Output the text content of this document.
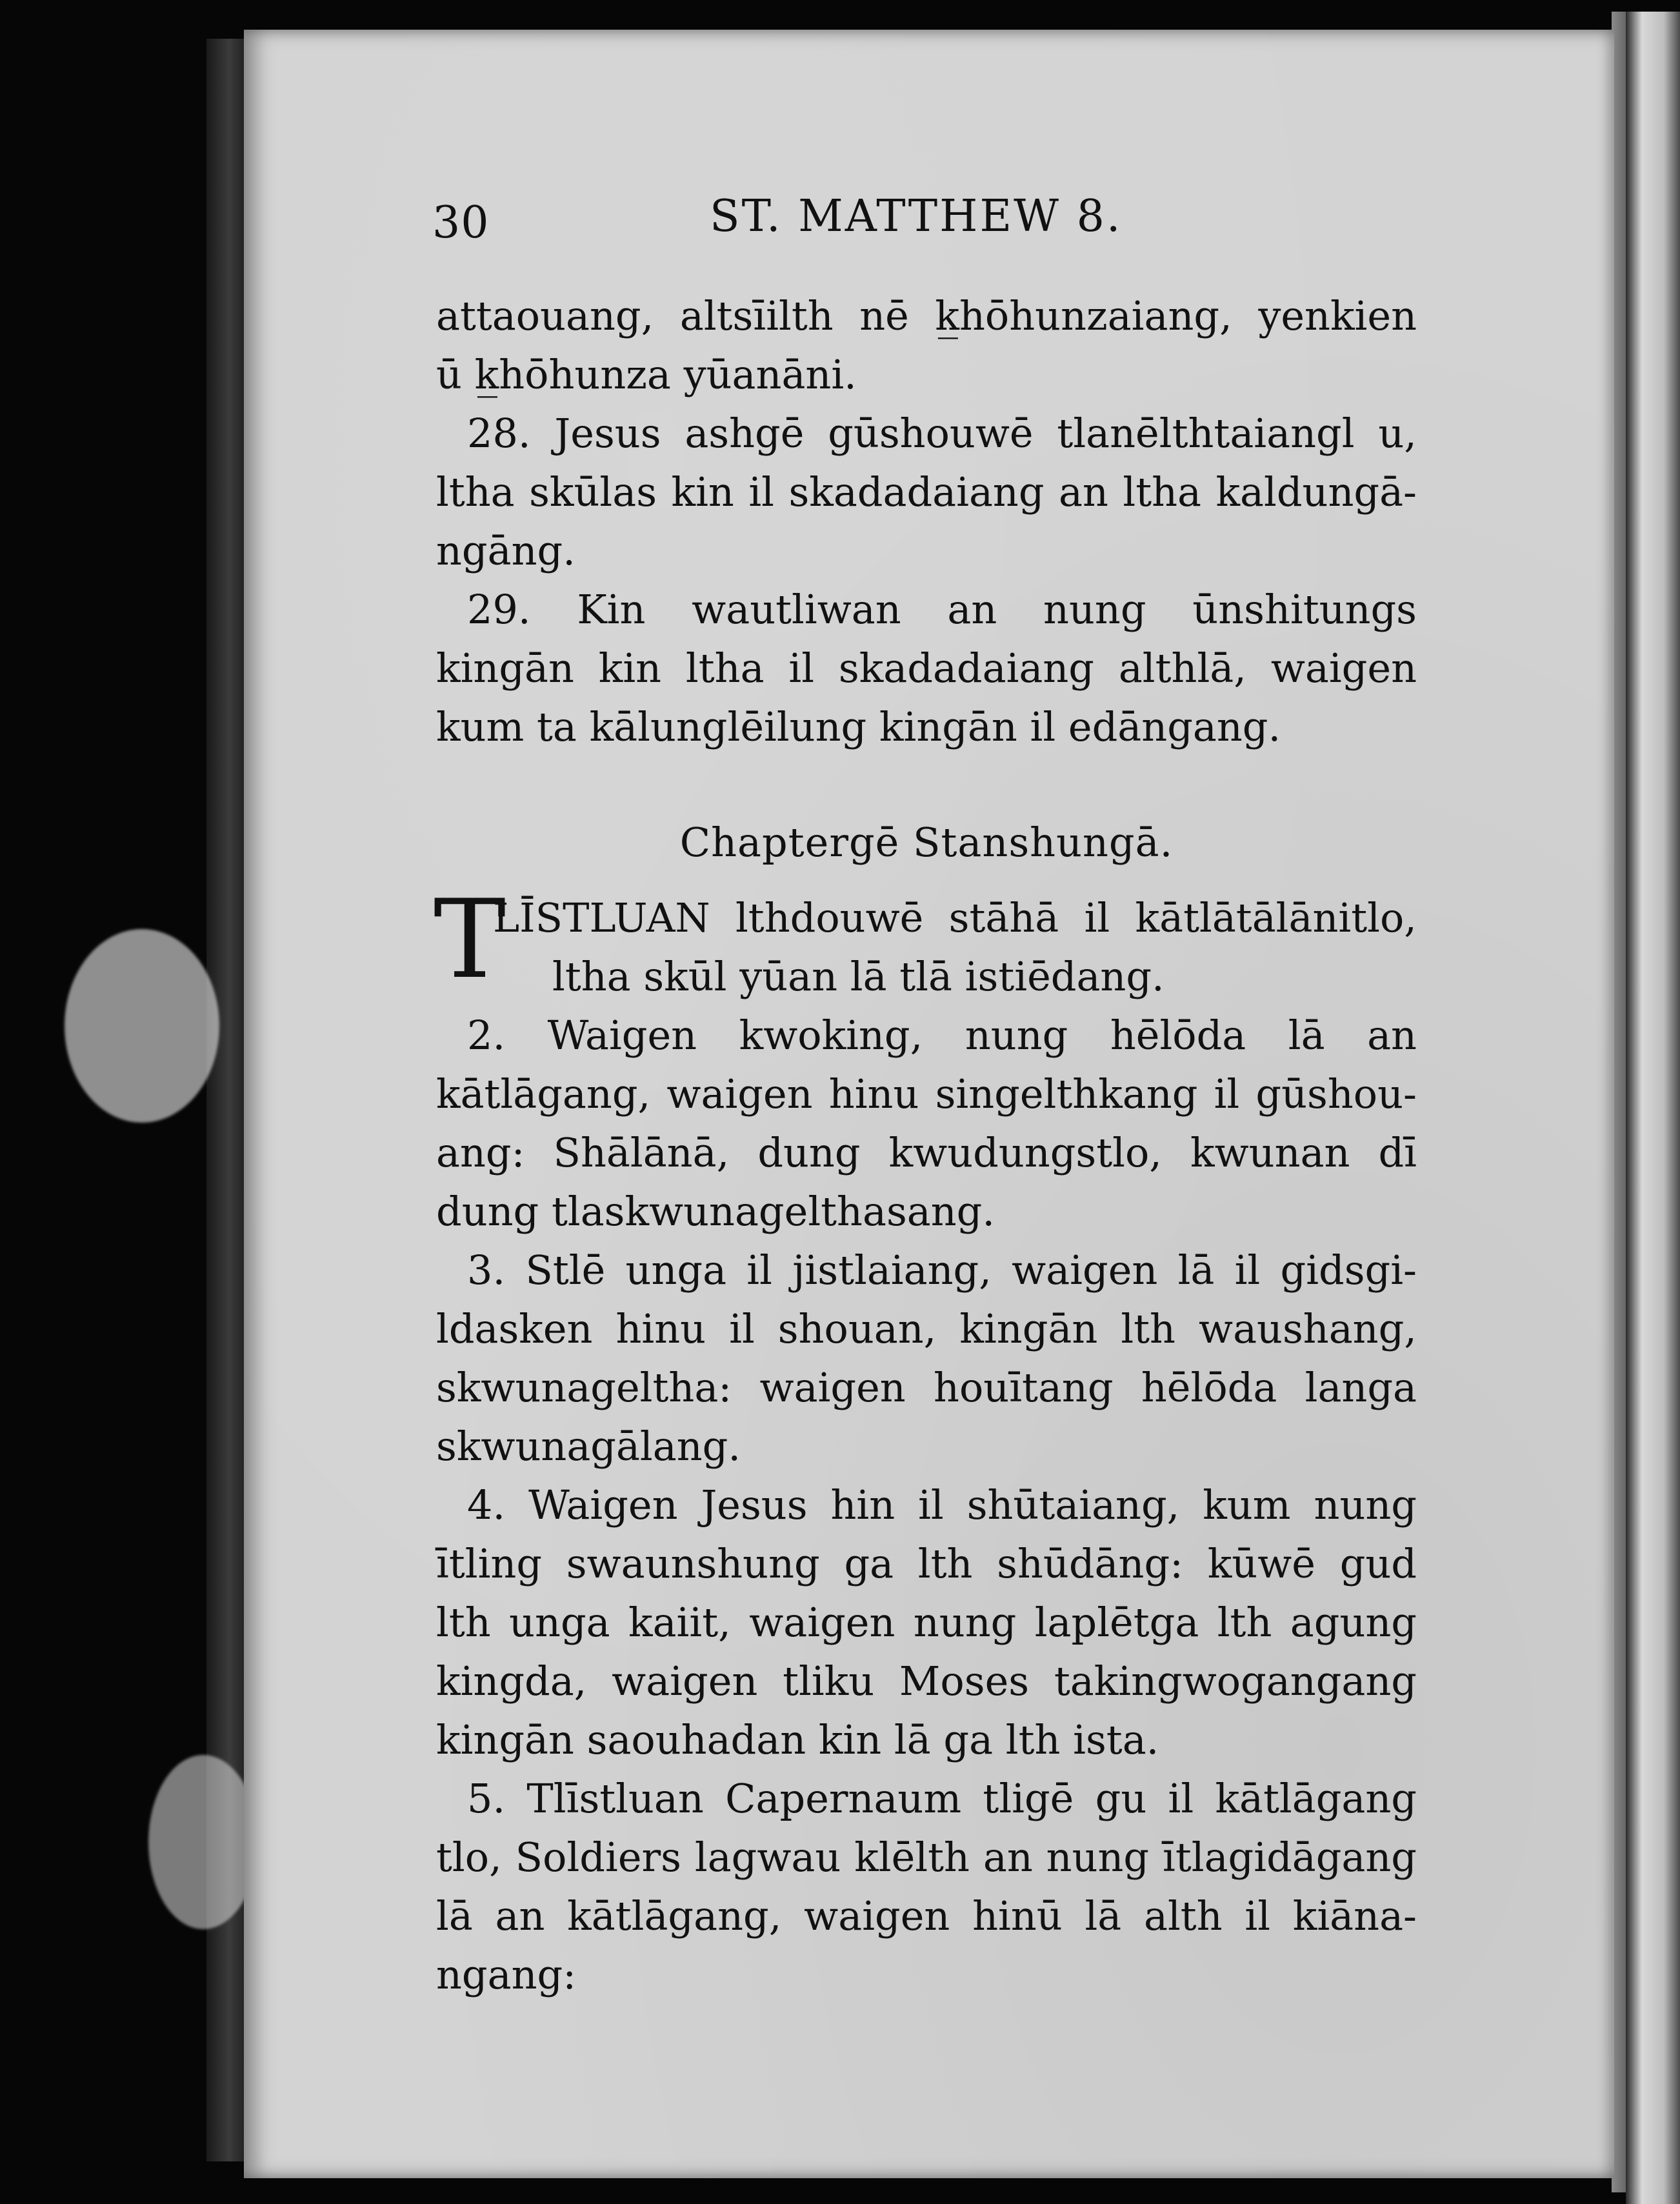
30	ST. MATTHEW 8.
attaouang, altsīilth nē k̲hōhunzaiang, yenkien
ū k̲hōhunza yūanāni.
28. Jesus ashgē gūshouwē tlanēlthtaiangl u,
ltha skūlas kin il skadadaiang an ltha kaldungā-
ngāng.
29. Kin wautliwan an nung ūnshitungs
kingān kin ltha il skadadaiang althlā, waigen
kum ta kālunglēilung kingān il edāngang.
Chaptergē Stanshungā.
T
LĪSTLUAN lthdouwē stāhā il kātlātālānitlo,
ltha skūl yūan lā tlā istiēdang.
2. Waigen kwoking, nung hēlōda lā an
kātlāgang, waigen hinu singelthkang il gūshou-
ang: Shālānā, dung kwudungstlo, kwunan dī
dung tlaskwunagelthasang.
3. Stlē unga il jistlaiang, waigen lā il gidsgi-
ldasken hinu il shouan, kingān lth waushang,
skwunageltha: waigen houītang hēlōda langa
skwunagālang.
4. Waigen Jesus hin il shūtaiang, kum nung
ītling swaunshung ga lth shūdāng: kūwē gud
lth unga kaiit, waigen nung laplētga lth agung
kingda, waigen tliku Moses takingwogangang
kingān saouhadan kin lā ga lth ista.
5. Tlīstluan Capernaum tligē gu il kātlāgang
tlo, Soldiers lagwau klēlth an nung ītlagidāgang
lā an kātlāgang, waigen hinū lā alth il kiāna-
ngang:
